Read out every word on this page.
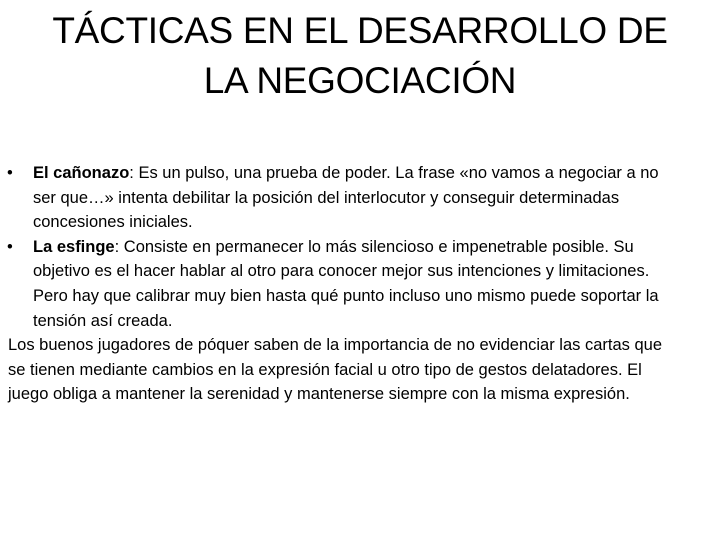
TÁCTICAS EN EL DESARROLLO DE
LA NEGOCIACIÓN
•	El cañonazo: Es un pulso, una prueba de poder. La frase «no vamos a negociar a no ser que…» intenta debilitar la posición del interlocutor y conseguir determinadas concesiones iniciales.

•	La esfinge: Consiste en permanecer lo más silencioso e impenetrable posible. Su objetivo es el hacer hablar al otro para conocer mejor sus intenciones y limitaciones. Pero hay que calibrar muy bien hasta qué punto incluso uno mismo puede soportar la tensión así creada.

Los buenos jugadores de póquer saben de la importancia de no evidenciar las cartas que se tienen mediante cambios en la expresión facial u otro tipo de gestos delatadores. El juego obliga a mantener la serenidad y mantenerse siempre con la misma expresión.
